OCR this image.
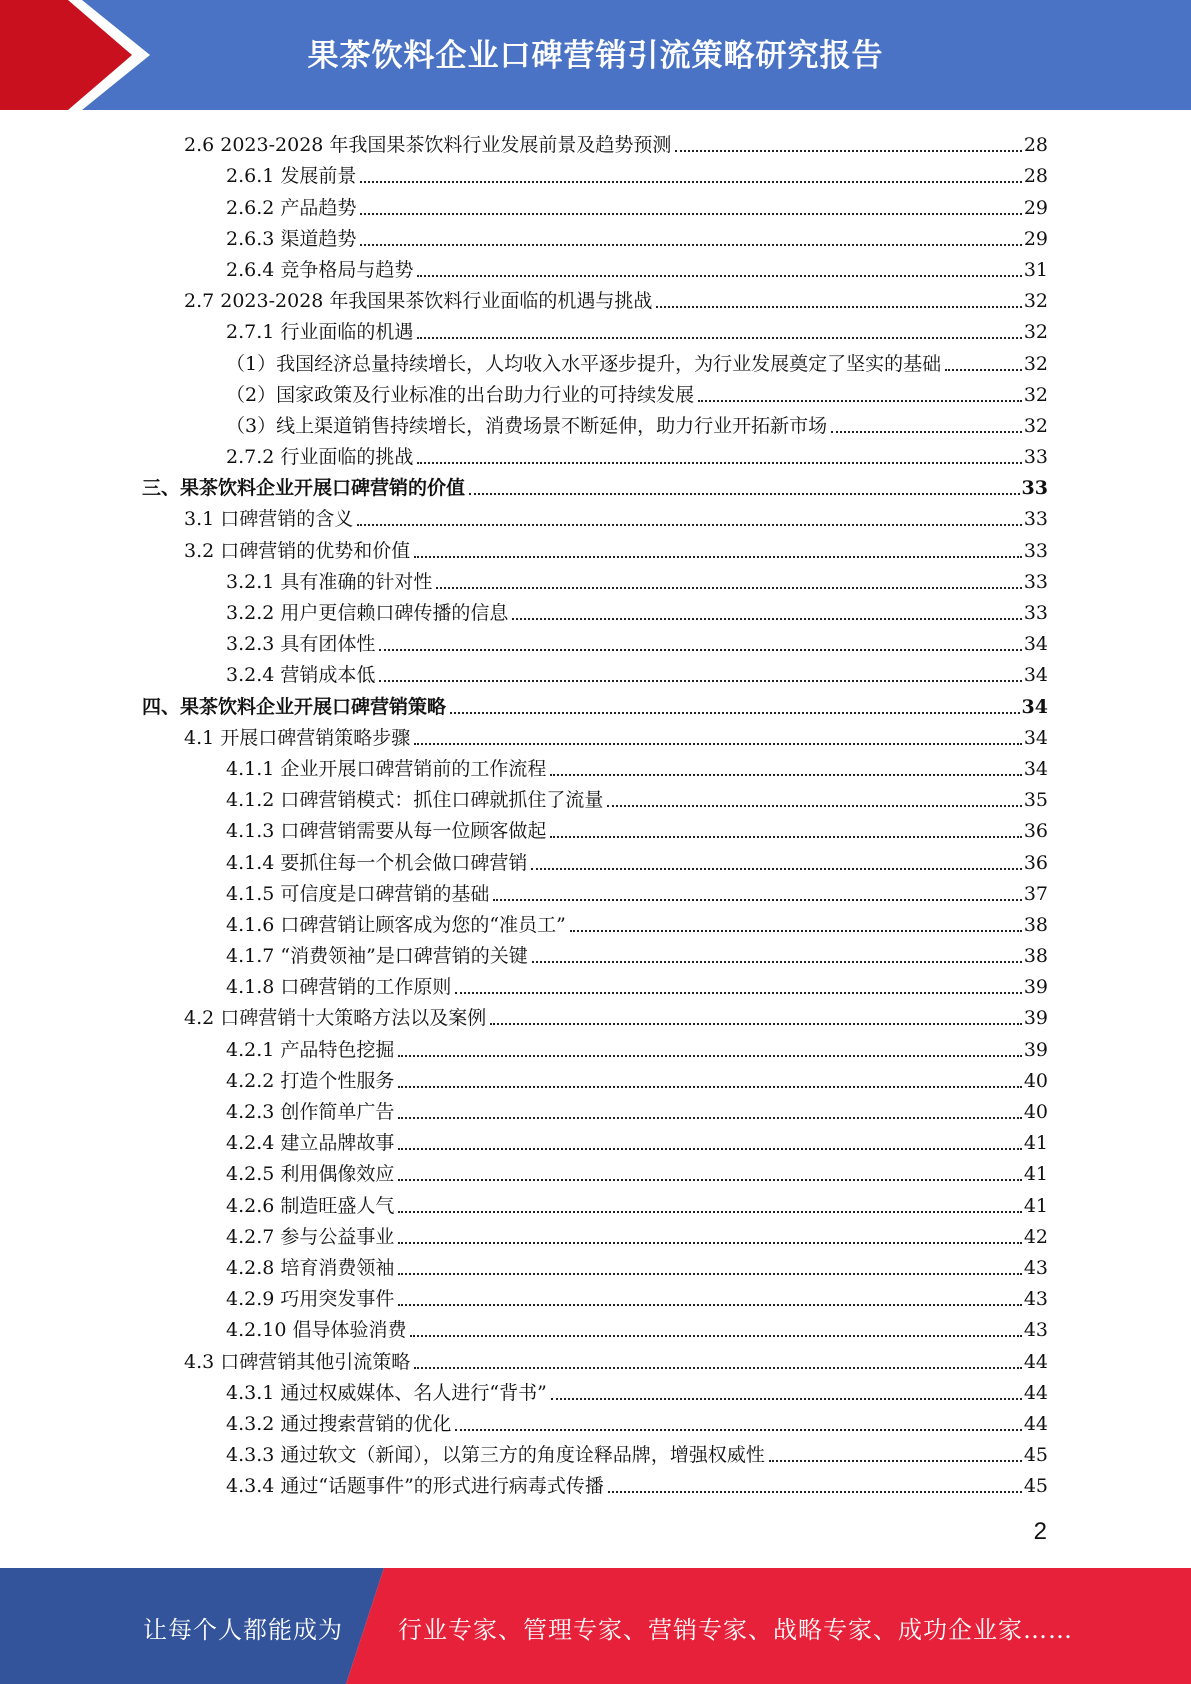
果茶饮料企业口碑营销引流策略研究报告
2.6 2023-2028 年我国果茶饮料行业发展前景及趋势预测	28
2.6.1 发展前景	28
2.6.2 产品趋势	29
2.6.3 渠道趋势	29
2.6.4 竞争格局与趋势	31
2.7 2023-2028 年我国果茶饮料行业面临的机遇与挑战	32
2.7.1 行业面临的机遇	32
（1）我国经济总量持续增长，人均收入水平逐步提升，为行业发展奠定了坚实的基础	32
（2）国家政策及行业标准的出台助力行业的可持续发展	32
（3）线上渠道销售持续增长，消费场景不断延伸，助力行业开拓新市场	32
2.7.2 行业面临的挑战	33
三、果茶饮料企业开展口碑营销的价值	33
3.1 口碑营销的含义	33
3.2 口碑营销的优势和价值	33
3.2.1 具有准确的针对性	33
3.2.2 用户更信赖口碑传播的信息	33
3.2.3 具有团体性	34
3.2.4 营销成本低	34
四、果茶饮料企业开展口碑营销策略	34
4.1 开展口碑营销策略步骤	34
4.1.1 企业开展口碑营销前的工作流程	34
4.1.2 口碑营销模式：抓住口碑就抓住了流量	35
4.1.3 口碑营销需要从每一位顾客做起	36
4.1.4 要抓住每一个机会做口碑营销	36
4.1.5 可信度是口碑营销的基础	37
4.1.6 口碑营销让顾客成为您的“准员工”	38
4.1.7 “消费领袖”是口碑营销的关键	38
4.1.8 口碑营销的工作原则	39
4.2 口碑营销十大策略方法以及案例	39
4.2.1 产品特色挖掘	39
4.2.2 打造个性服务	40
4.2.3 创作简单广告	40
4.2.4 建立品牌故事	41
4.2.5 利用偶像效应	41
4.2.6 制造旺盛人气	41
4.2.7 参与公益事业	42
4.2.8 培育消费领袖	43
4.2.9 巧用突发事件	43
4.2.10 倡导体验消费	43
4.3 口碑营销其他引流策略	44
4.3.1 通过权威媒体、名人进行“背书”	44
4.3.2 通过搜索营销的优化	44
4.3.3 通过软文（新闻），以第三方的角度诠释品牌，增强权威性	45
4.3.4 通过“话题事件”的形式进行病毒式传播	45
2
让每个人都能成为 行业专家、管理专家、营销专家、战略专家、成功企业家……
